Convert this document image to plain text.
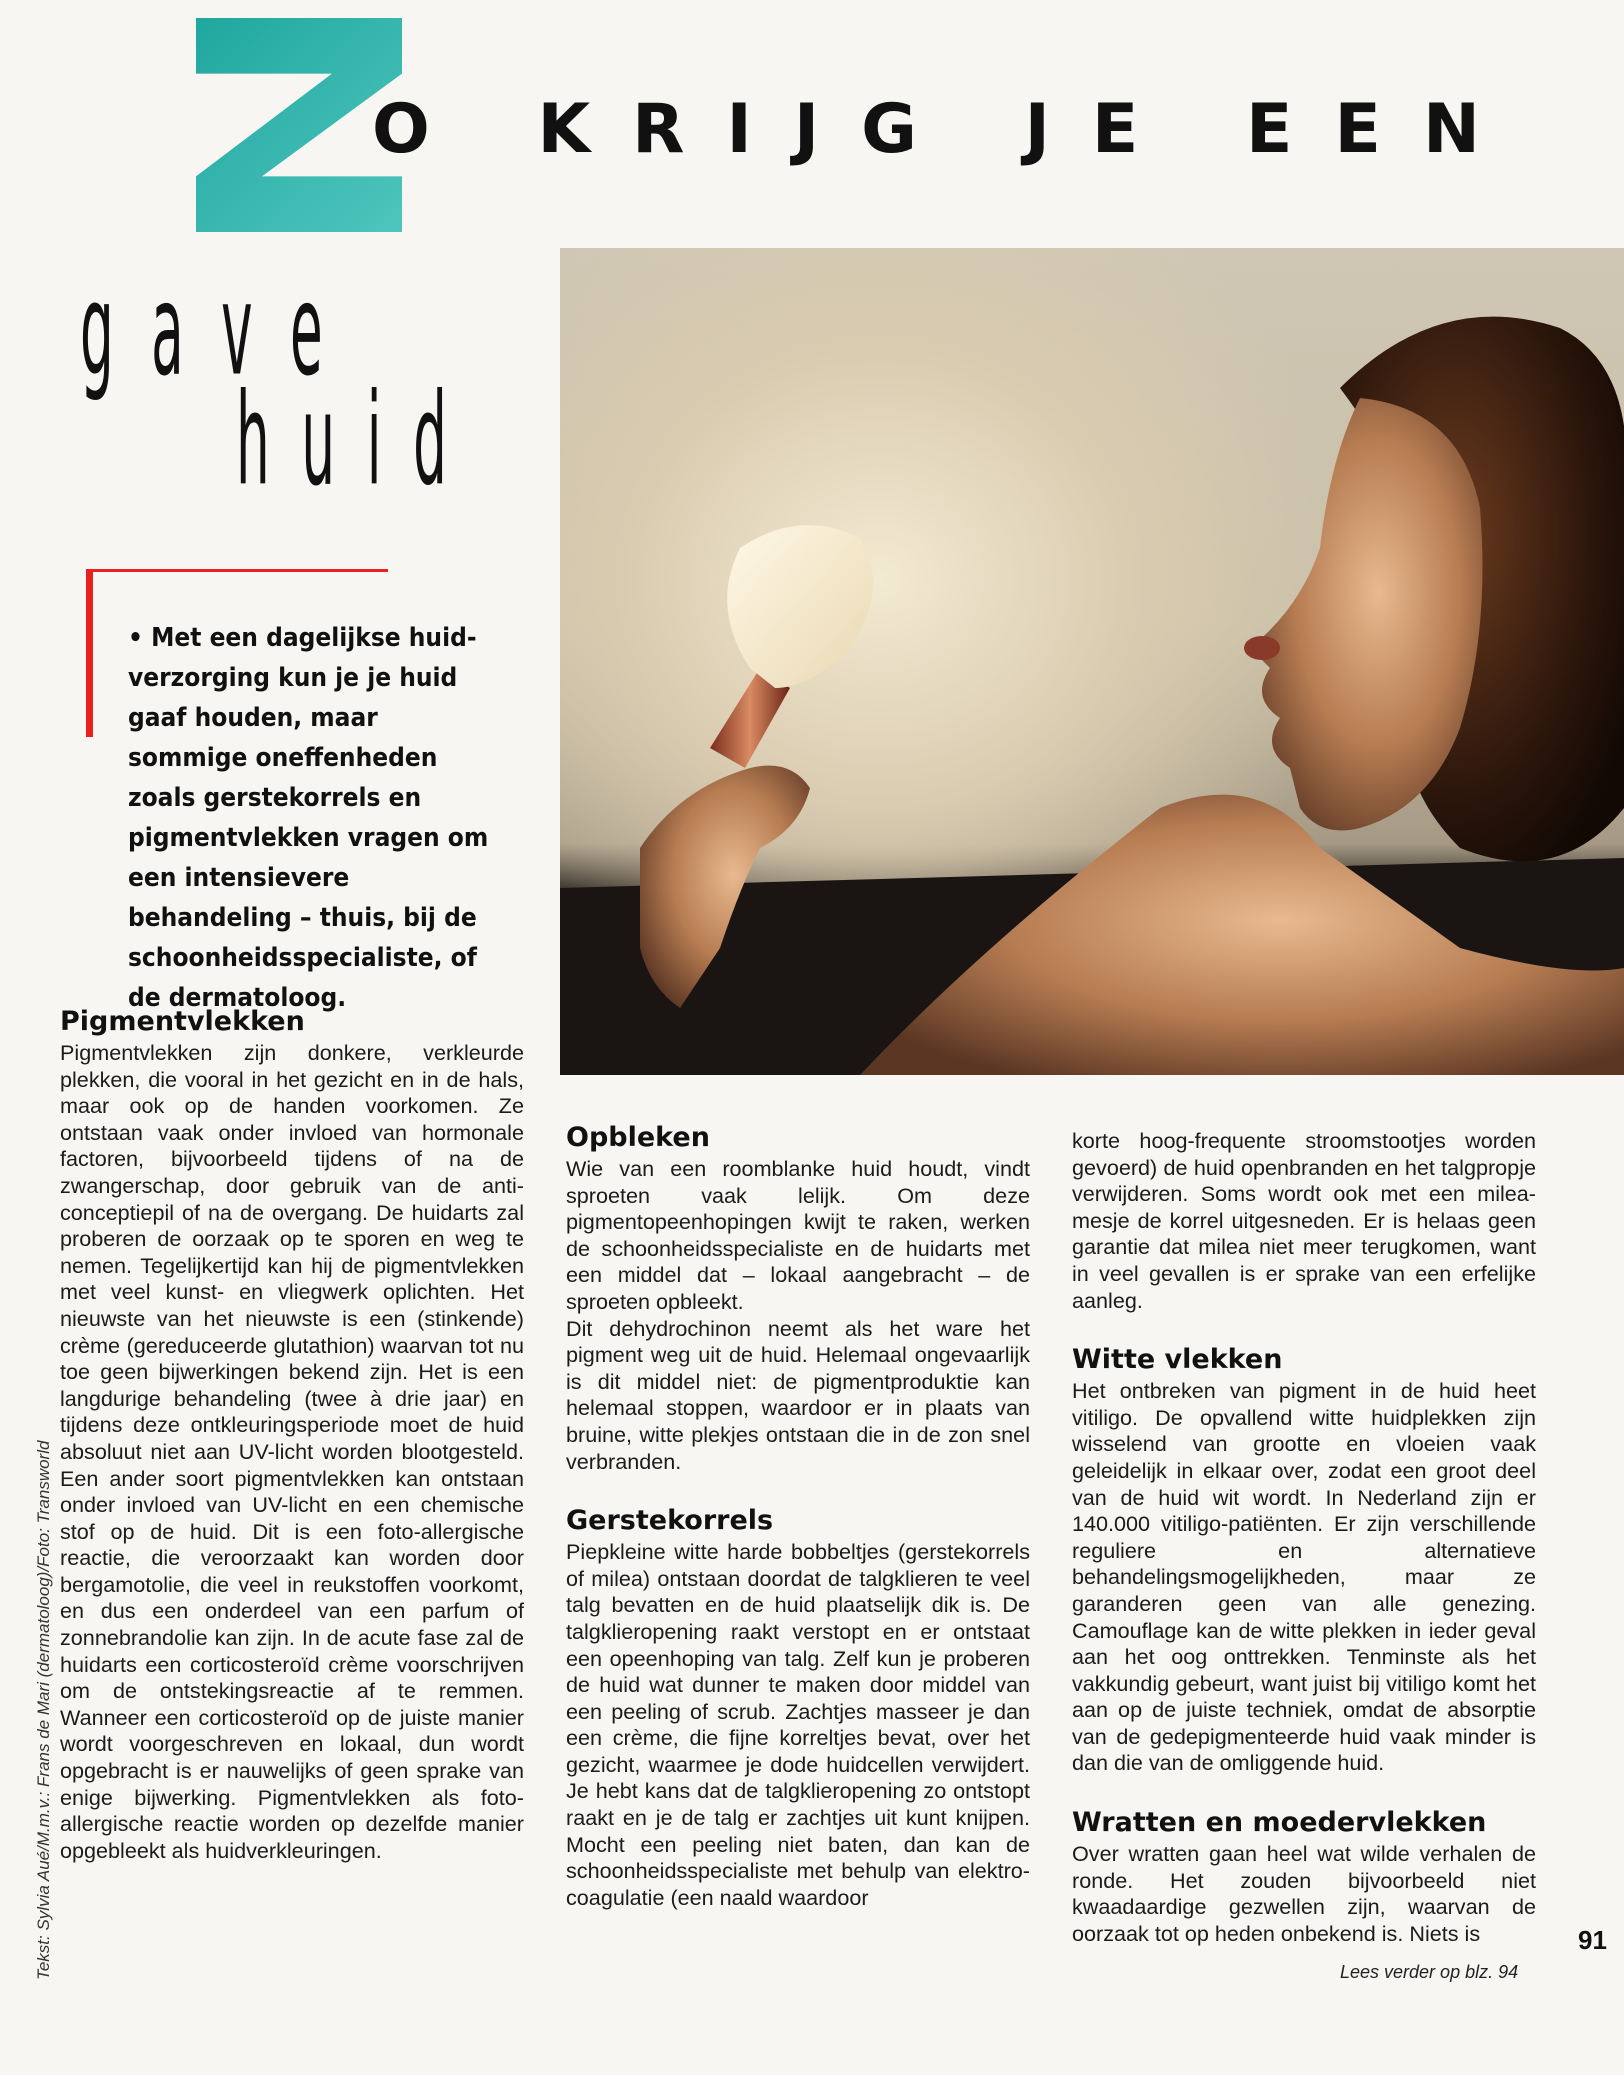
O KRIJG JE EEN
gave
huid
• Met een dagelijkse huidverzorging kun je je huid gaaf houden, maar sommige oneffenheden zoals gerstekorrels en pigmentvlekken vragen om een intensievere behandeling – thuis, bij de schoonheidsspecialiste, of de dermatoloog.
Pigmentvlekken

Pigmentvlekken zijn donkere, verkleurde plekken, die vooral in het gezicht en in de hals, maar ook op de handen voorkomen. Ze ontstaan vaak onder invloed van hormonale factoren, bijvoorbeeld tijdens of na de zwangerschap, door gebruik van de anti-conceptiepil of na de overgang. De huidarts zal proberen de oorzaak op te sporen en weg te nemen. Tegelijkertijd kan hij de pigmentvlekken met veel kunst- en vliegwerk oplichten. Het nieuwste van het nieuwste is een (stinkende) crème (gereduceerde glutathion) waarvan tot nu toe geen bijwerkingen bekend zijn. Het is een langdurige behandeling (twee à drie jaar) en tijdens deze ontkleuringsperiode moet de huid absoluut niet aan UV-licht worden blootgesteld. Een ander soort pigmentvlekken kan ontstaan onder invloed van UV-licht en een chemische stof op de huid. Dit is een foto-allergische reactie, die veroorzaakt kan worden door bergamotolie, die veel in reukstoffen voorkomt, en dus een onderdeel van een parfum of zonnebrandolie kan zijn. In de acute fase zal de huidarts een corticosteroïd crème voorschrijven om de ontstekingsreactie af te remmen. Wanneer een corticosteroïd op de juiste manier wordt voorgeschreven en lokaal, dun wordt opgebracht is er nauwelijks of geen sprake van enige bijwerking. Pigmentvlekken als foto-allergische reactie worden op dezelfde manier opgebleekt als huidverkleuringen.

Opbleken

Wie van een roomblanke huid houdt, vindt sproeten vaak lelijk. Om deze pigmentopeenhopingen kwijt te raken, werken de schoonheidsspecialiste en de huidarts met een middel dat – lokaal aangebracht – de sproeten opbleekt.

Dit dehydrochinon neemt als het ware het pigment weg uit de huid. Helemaal ongevaarlijk is dit middel niet: de pigmentproduktie kan helemaal stoppen, waardoor er in plaats van bruine, witte plekjes ontstaan die in de zon snel verbranden.

Gerstekorrels

Piepkleine witte harde bobbeltjes (gerstekorrels of milea) ontstaan doordat de talgklieren te veel talg bevatten en de huid plaatselijk dik is. De talgklieropening raakt verstopt en er ontstaat een opeenhoping van talg. Zelf kun je proberen de huid wat dunner te maken door middel van een peeling of scrub. Zachtjes masseer je dan een crème, die fijne korreltjes bevat, over het gezicht, waarmee je dode huidcellen verwijdert. Je hebt kans dat de talgklieropening zo ontstopt raakt en je de talg er zachtjes uit kunt knijpen. Mocht een peeling niet baten, dan kan de schoonheidsspecialiste met behulp van elektro-coagulatie (een naald waardoor

korte hoog-frequente stroomstootjes worden gevoerd) de huid openbranden en het talgpropje verwijderen. Soms wordt ook met een milea-mesje de korrel uitgesneden. Er is helaas geen garantie dat milea niet meer terugkomen, want in veel gevallen is er sprake van een erfelijke aanleg.

Witte vlekken

Het ontbreken van pigment in de huid heet vitiligo. De opvallend witte huidplekken zijn wisselend van grootte en vloeien vaak geleidelijk in elkaar over, zodat een groot deel van de huid wit wordt. In Nederland zijn er 140.000 vitiligo-patiënten. Er zijn verschillende reguliere en alternatieve behandelingsmogelijkheden, maar ze garanderen geen van alle genezing. Camouflage kan de witte plekken in ieder geval aan het oog onttrekken. Tenminste als het vakkundig gebeurt, want juist bij vitiligo komt het aan op de juiste techniek, omdat de absorptie van de gedepigmenteerde huid vaak minder is dan die van de omliggende huid.

Wratten en moedervlekken

Over wratten gaan heel wat wilde verhalen de ronde. Het zouden bijvoorbeeld niet kwaadaardige gezwellen zijn, waarvan de oorzaak tot op heden onbekend is. Niets is

Tekst: Sylvia Aué/M.m.v.: Frans de Mari (dermatoloog)/Foto: Transworld	91
Lees verder op blz. 94
